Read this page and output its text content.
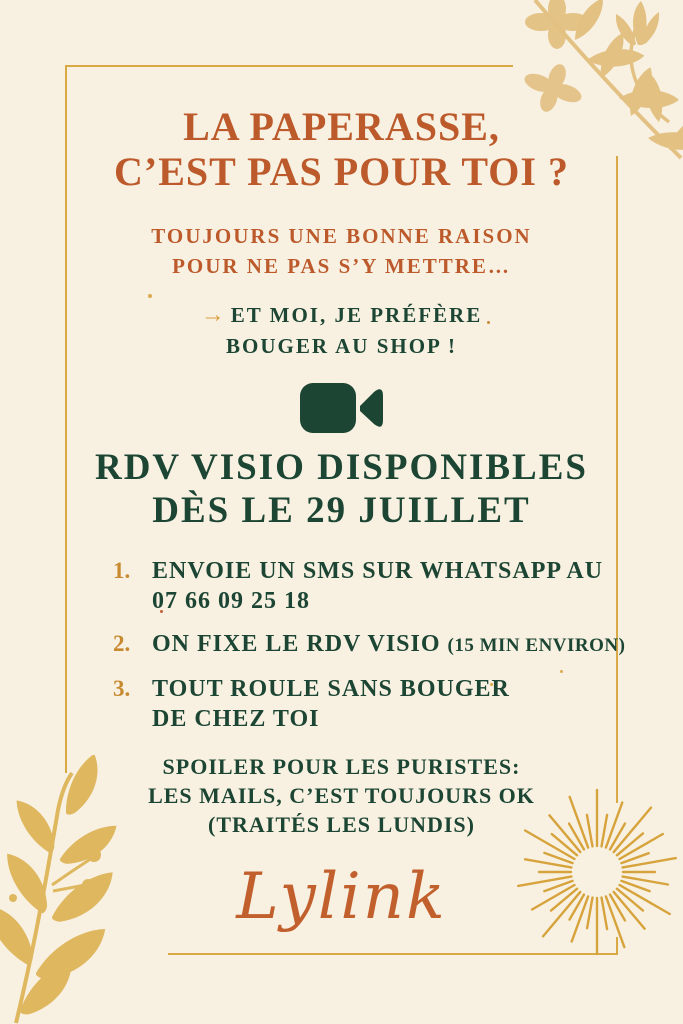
LA PAPERASSE,
C’EST PAS POUR TOI ?
TOUJOURS UNE BONNE RAISON
POUR NE PAS S’Y METTRE…
→ ET MOI, JE PRÉFÈRE
BOUGER AU SHOP !
RDV VISIO DISPONIBLES
DÈS LE 29 JUILLET
1. ENVOIE UN SMS SUR WHATSAPP AU
07 66 09 25 18
2. ON FIXE LE RDV VISIO (15 MIN ENVIRON)
3. TOUT ROULE SANS BOUGER
DE CHEZ TOI
SPOILER POUR LES PURISTES:
LES MAILS, C’EST TOUJOURS OK
(TRAITÉS LES LUNDIS)
Lylink
